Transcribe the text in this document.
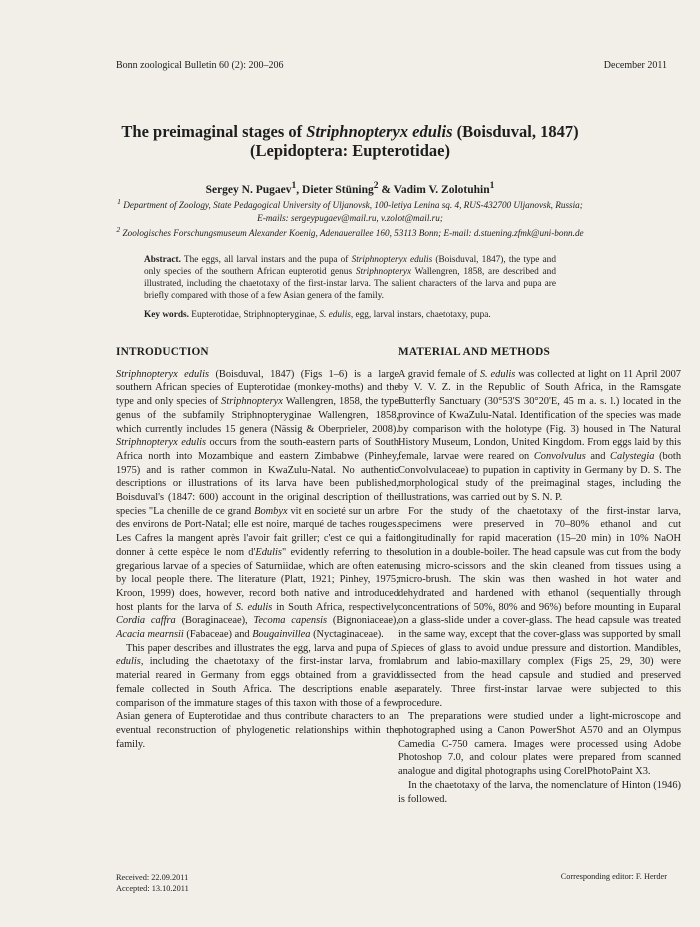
Bonn zoological Bulletin 60 (2): 200–206	December 2011
The preimaginal stages of Striphnopteryx edulis (Boisduval, 1847)
(Lepidoptera: Eupterotidae)
Sergey N. Pugaev$^1$, Dieter Stüning$^2$ & Vadim V. Zolotuhin$^1$
$^1$ Department of Zoology, State Pedagogical University of Uljanovsk, 100-letiya Lenina sq. 4, RUS-432700 Uljanovsk, Russia;
E-mails: sergeypugaev@mail.ru, v.zolot@mail.ru;
$^2$ Zoologisches Forschungsmuseum Alexander Koenig, Adenauerallee 160, 53113 Bonn; E-mail: d.stuening.zfmk@uni-bonn.de

Abstract. The eggs, all larval instars and the pupa of Striphnopteryx edulis (Boisduval, 1847), the type and only species of the southern African eupterotid genus Striphnopteryx Wallengren, 1858, are described and illustrated, including the chaetotaxy of the first-instar larva. The salient characters of the larva and pupa are briefly compared with those of a few Asian genera of the family.

Key words. Eupterotidae, Striphnopteryginae, S. edulis, egg, larval instars, chaetotaxy, pupa.

INTRODUCTION

Striphnopteryx edulis (Boisduval, 1847) (Figs 1–6) is a large southern African species of Eupterotidae (monkey-moths) and the type and only species of Striphnopteryx Wallengren, 1858, the type genus of the subfamily Striphnopteryginae Wallengren, 1858, which currently includes 15 genera (Nässig & Oberprieler, 2008). Striphnopteryx edulis occurs from the south-eastern parts of South Africa north into Mozambique and eastern Zimbabwe (Pinhey, 1975) and is rather common in KwaZulu-Natal. No authentic descriptions or illustrations of its larva have been published, Boisduval's (1847: 600) account in the original description of the species "La chenille de ce grand Bombyx vit en societé sur un arbre des environs de Port-Natal; elle est noire, marqué de taches rouges. Les Cafres la mangent après l'avoir fait griller; c'est ce qui a fait donner à cette espèce le nom d'Edulis" evidently referring to the gregarious larvae of a species of Saturniidae, which are often eaten by local people there. The literature (Platt, 1921; Pinhey, 1975; Kroon, 1999) does, however, record both native and introduced host plants for the larva of S. edulis in South Africa, respectively Cordia caffra (Boraginaceae), Tecoma capensis (Bignoniaceae), Acacia mearnsii (Fabaceae) and Bougainvillea (Nyctaginaceae).

This paper describes and illustrates the egg, larva and pupa of S. edulis, including the chaetotaxy of the first-instar larva, from material reared in Germany from eggs obtained from a gravid female collected in South Africa. The descriptions enable a comparison of the immature stages of this taxon with those of a few Asian genera of Eupterotidae and thus contribute characters to an eventual reconstruction of phylogenetic relationships within the family.

MATERIAL AND METHODS

A gravid female of S. edulis was collected at light on 11 April 2007 by V. V. Z. in the Republic of South Africa, in the Ramsgate Butterfly Sanctuary (30°53'S 30°20'E, 45 m a. s. l.) located in the province of KwaZulu-Natal. Identification of the species was made by comparison with the holotype (Fig. 3) housed in The Natural History Museum, London, United Kingdom. From eggs laid by this female, larvae were reared on Convolvulus and Calystegia (both Convolvulaceae) to pupation in captivity in Germany by D. S. The morphological study of the preimaginal stages, including the illustrations, was carried out by S. N. P.

For the study of the chaetotaxy of the first-instar larva, specimens were preserved in 70–80% ethanol and cut longitudinally for rapid maceration (15–20 min) in 10% NaOH solution in a double-boiler. The head capsule was cut from the body using micro-scissors and the skin cleaned from tissues using a micro-brush. The skin was then washed in hot water and dehydrated and hardened with ethanol (sequentially through concentrations of 50%, 80% and 96%) before mounting in Euparal on a glass-slide under a cover-glass. The head capsule was treated in the same way, except that the cover-glass was supported by small pieces of glass to avoid undue pressure and distortion. Mandibles, labrum and labio-maxillary complex (Figs 25, 29, 30) were dissected from the head capsule and studied and preserved separately. Three first-instar larvae were subjected to this procedure.

The preparations were studied under a light-microscope and photographed using a Canon PowerShot A570 and an Olympus Camedia C-750 camera. Images were processed using Adobe Photoshop 7.0, and colour plates were prepared from scanned analogue and digital photographs using CorelPhotoPaint X3.

In the chaetotaxy of the larva, the nomenclature of Hinton (1946) is followed.

Received: 22.09.2011
Accepted: 13.10.2011
Corresponding editor: F. Herder
